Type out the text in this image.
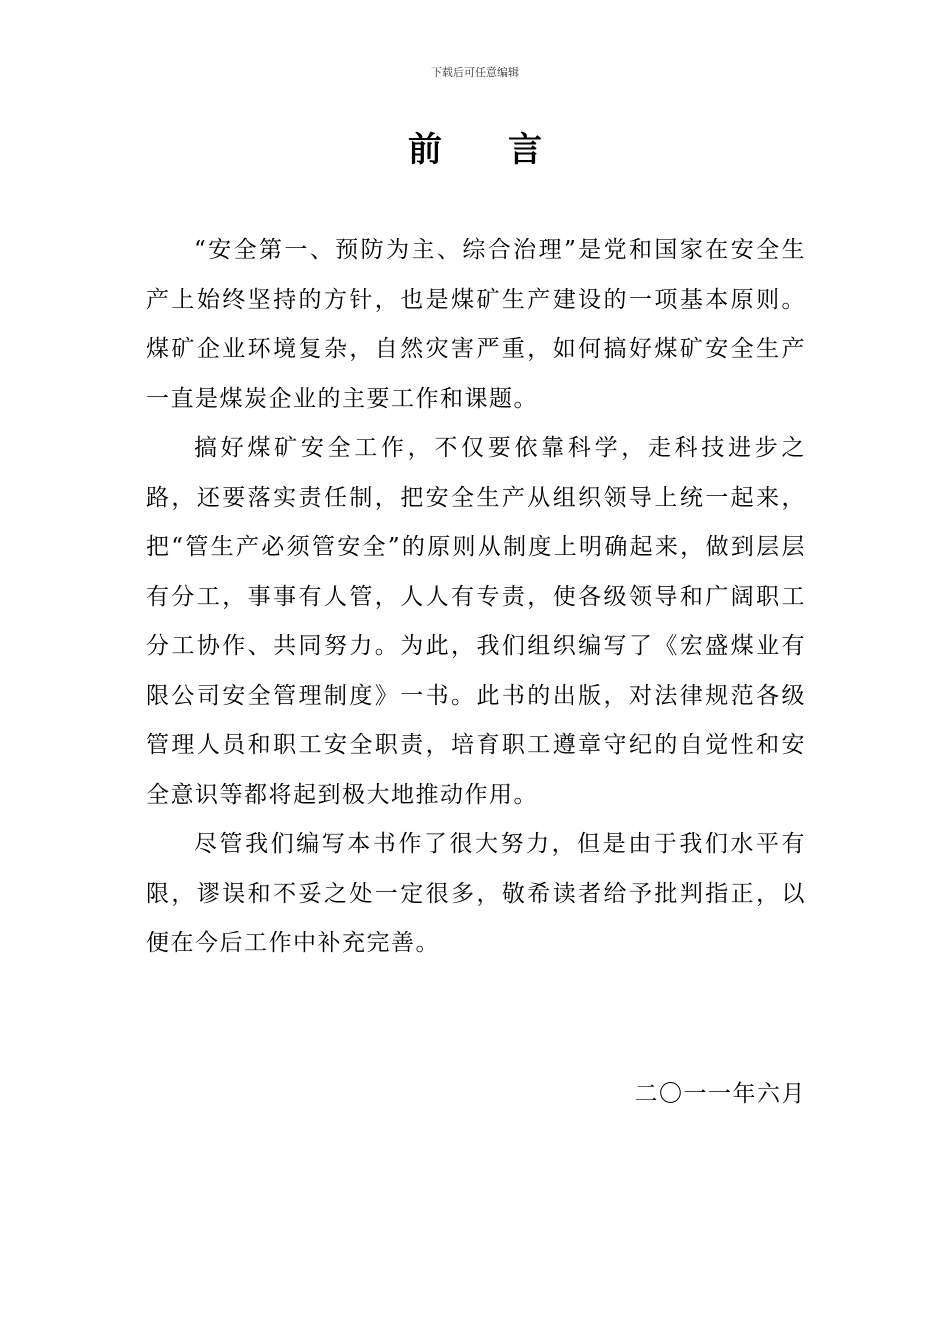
下载后可任意编辑
前 言

“安全第一、预防为主、综合治理”是党和国家在安全生产上始终坚持的方针，也是煤矿生产建设的一项基本原则。煤矿企业环境复杂，自然灾害严重，如何搞好煤矿安全生产一直是煤炭企业的主要工作和课题。

搞好煤矿安全工作，不仅要依靠科学，走科技进步之路，还要落实责任制，把安全生产从组织领导上统一起来，把“管生产必须管安全”的原则从制度上明确起来，做到层层有分工，事事有人管，人人有专责，使各级领导和广阔职工分工协作、共同努力。为此，我们组织编写了《宏盛煤业有限公司安全管理制度》一书。此书的出版，对法律规范各级管理人员和职工安全职责，培育职工遵章守纪的自觉性和安全意识等都将起到极大地推动作用。

尽管我们编写本书作了很大努力，但是由于我们水平有限，谬误和不妥之处一定很多，敬希读者给予批判指正，以便在今后工作中补充完善。

二〇一一年六月
